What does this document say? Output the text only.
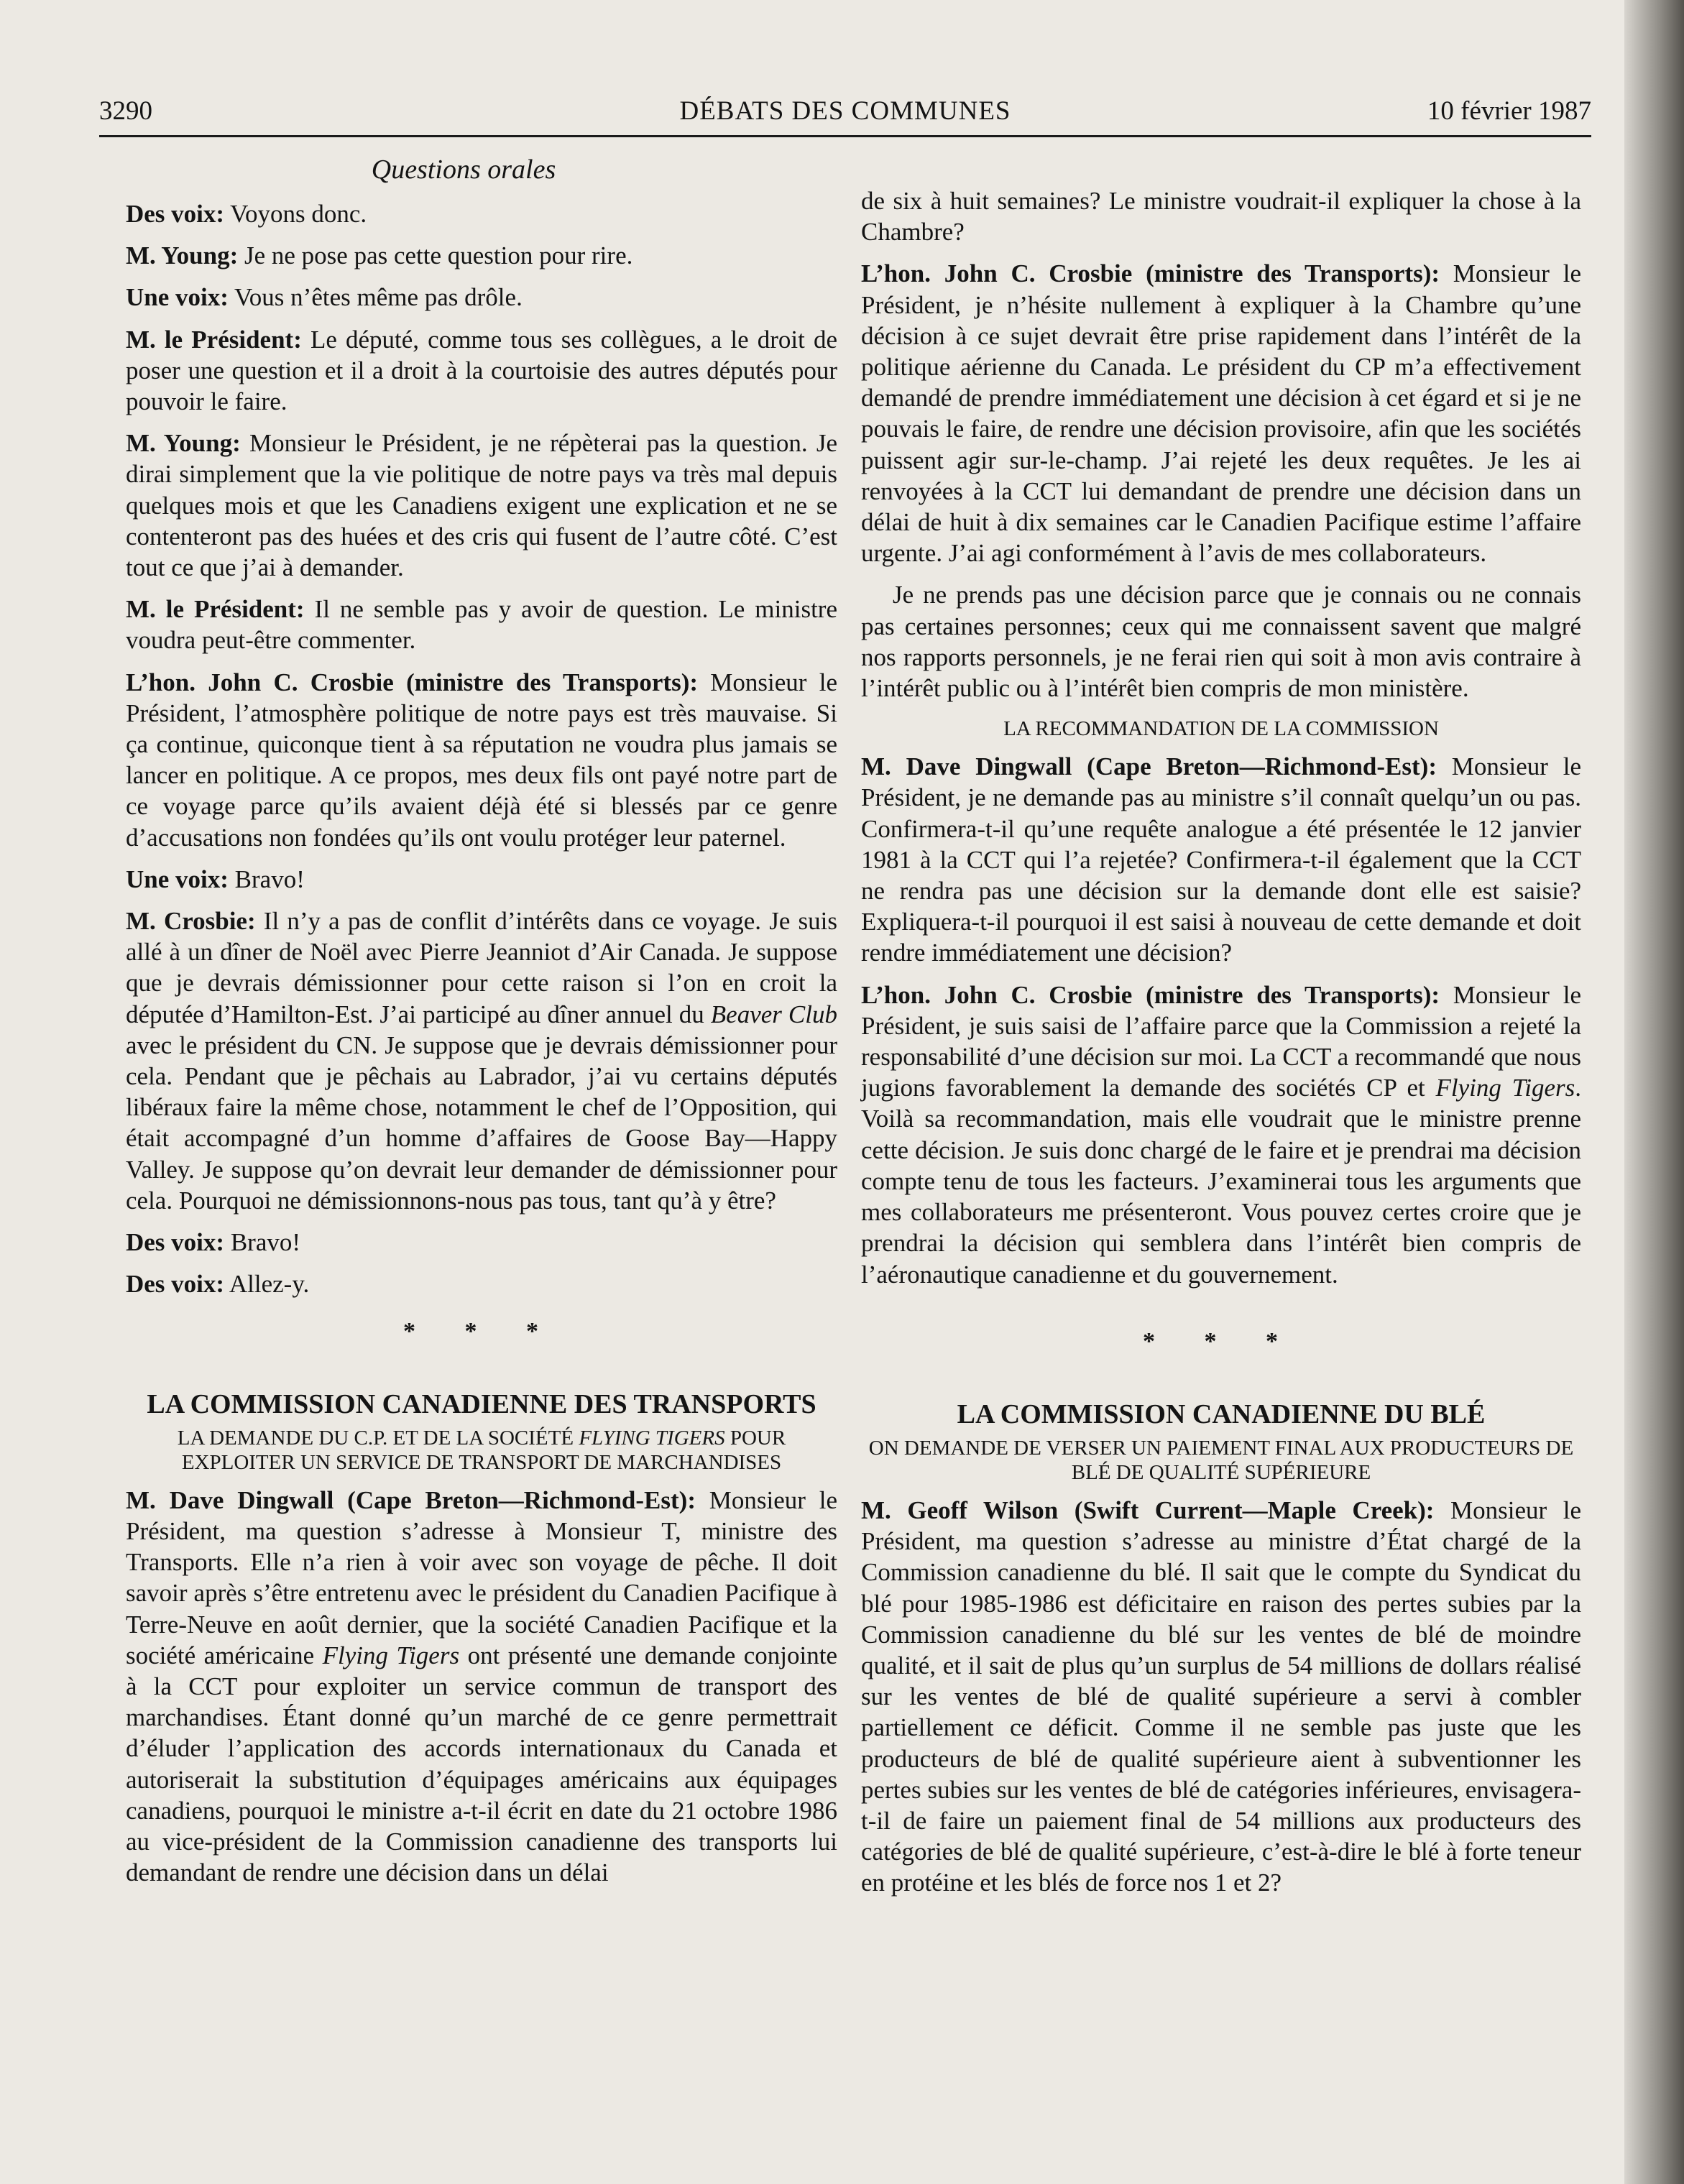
3290	DÉBATS DES COMMUNES	10 février 1987
Questions orales

Des voix: Voyons donc.

M. Young: Je ne pose pas cette question pour rire.

Une voix: Vous n’êtes même pas drôle.

M. le Président: Le député, comme tous ses collègues, a le droit de poser une question et il a droit à la courtoisie des autres députés pour pouvoir le faire.

M. Young: Monsieur le Président, je ne répèterai pas la question. Je dirai simplement que la vie politique de notre pays va très mal depuis quelques mois et que les Canadiens exigent une explication et ne se contenteront pas des huées et des cris qui fusent de l’autre côté. C’est tout ce que j’ai à demander.

M. le Président: Il ne semble pas y avoir de question. Le ministre voudra peut-être commenter.

L’hon. John C. Crosbie (ministre des Transports): Monsieur le Président, l’atmosphère politique de notre pays est très mauvaise. Si ça continue, quiconque tient à sa réputation ne voudra plus jamais se lancer en politique. A ce propos, mes deux fils ont payé notre part de ce voyage parce qu’ils avaient déjà été si blessés par ce genre d’accusations non fondées qu’ils ont voulu protéger leur paternel.

Une voix: Bravo!

M. Crosbie: Il n’y a pas de conflit d’intérêts dans ce voyage. Je suis allé à un dîner de Noël avec Pierre Jeanniot d’Air Canada. Je suppose que je devrais démissionner pour cette raison si l’on en croit la députée d’Hamilton-Est. J’ai participé au dîner annuel du Beaver Club avec le président du CN. Je suppose que je devrais démissionner pour cela. Pendant que je pêchais au Labrador, j’ai vu certains députés libéraux faire la même chose, notamment le chef de l’Opposition, qui était accompagné d’un homme d’affaires de Goose Bay—Happy Valley. Je suppose qu’on devrait leur demander de démissionner pour cela. Pourquoi ne démissionnons-nous pas tous, tant qu’à y être?

Des voix: Bravo!

Des voix: Allez-y.

* * *
LA COMMISSION CANADIENNE DES TRANSPORTS
LA DEMANDE DU C.P. ET DE LA SOCIÉTÉ FLYING TIGERS POUR EXPLOITER UN SERVICE DE TRANSPORT DE MARCHANDISES

M. Dave Dingwall (Cape Breton—Richmond-Est): Monsieur le Président, ma question s’adresse à Monsieur T, ministre des Transports. Elle n’a rien à voir avec son voyage de pêche. Il doit savoir après s’être entretenu avec le président du Canadien Pacifique à Terre-Neuve en août dernier, que la société Canadien Pacifique et la société américaine Flying Tigers ont présenté une demande conjointe à la CCT pour exploiter un service commun de transport des marchandises. Étant donné qu’un marché de ce genre permettrait d’éluder l’application des accords internationaux du Canada et autoriserait la substitution d’équipages américains aux équipages canadiens, pourquoi le ministre a-t-il écrit en date du 21 octobre 1986 au vice-président de la Commission canadienne des transports lui demandant de rendre une décision dans un délai

de six à huit semaines? Le ministre voudrait-il expliquer la chose à la Chambre?

L’hon. John C. Crosbie (ministre des Transports): Monsieur le Président, je n’hésite nullement à expliquer à la Chambre qu’une décision à ce sujet devrait être prise rapidement dans l’intérêt de la politique aérienne du Canada. Le président du CP m’a effectivement demandé de prendre immédiatement une décision à cet égard et si je ne pouvais le faire, de rendre une décision provisoire, afin que les sociétés puissent agir sur-le-champ. J’ai rejeté les deux requêtes. Je les ai renvoyées à la CCT lui demandant de prendre une décision dans un délai de huit à dix semaines car le Canadien Pacifique estime l’affaire urgente. J’ai agi conformément à l’avis de mes collaborateurs.

Je ne prends pas une décision parce que je connais ou ne connais pas certaines personnes; ceux qui me connaissent savent que malgré nos rapports personnels, je ne ferai rien qui soit à mon avis contraire à l’intérêt public ou à l’intérêt bien compris de mon ministère.

LA RECOMMANDATION DE LA COMMISSION

M. Dave Dingwall (Cape Breton—Richmond-Est): Monsieur le Président, je ne demande pas au ministre s’il connaît quelqu’un ou pas. Confirmera-t-il qu’une requête analogue a été présentée le 12 janvier 1981 à la CCT qui l’a rejetée? Confirmera-t-il également que la CCT ne rendra pas une décision sur la demande dont elle est saisie? Expliquera-t-il pourquoi il est saisi à nouveau de cette demande et doit rendre immédiatement une décision?

L’hon. John C. Crosbie (ministre des Transports): Monsieur le Président, je suis saisi de l’affaire parce que la Commission a rejeté la responsabilité d’une décision sur moi. La CCT a recommandé que nous jugions favorablement la demande des sociétés CP et Flying Tigers. Voilà sa recommandation, mais elle voudrait que le ministre prenne cette décision. Je suis donc chargé de le faire et je prendrai ma décision compte tenu de tous les facteurs. J’examinerai tous les arguments que mes collaborateurs me présenteront. Vous pouvez certes croire que je prendrai la décision qui semblera dans l’intérêt bien compris de l’aéronautique canadienne et du gouvernement.

* * *
LA COMMISSION CANADIENNE DU BLÉ
ON DEMANDE DE VERSER UN PAIEMENT FINAL AUX PRODUCTEURS DE BLÉ DE QUALITÉ SUPÉRIEURE

M. Geoff Wilson (Swift Current—Maple Creek): Monsieur le Président, ma question s’adresse au ministre d’État chargé de la Commission canadienne du blé. Il sait que le compte du Syndicat du blé pour 1985-1986 est déficitaire en raison des pertes subies par la Commission canadienne du blé sur les ventes de blé de moindre qualité, et il sait de plus qu’un surplus de 54 millions de dollars réalisé sur les ventes de blé de qualité supérieure a servi à combler partiellement ce déficit. Comme il ne semble pas juste que les producteurs de blé de qualité supérieure aient à subventionner les pertes subies sur les ventes de blé de catégories inférieures, envisagera-t-il de faire un paiement final de 54 millions aux producteurs des catégories de blé de qualité supérieure, c’est-à-dire le blé à forte teneur en protéine et les blés de force nos 1 et 2?
